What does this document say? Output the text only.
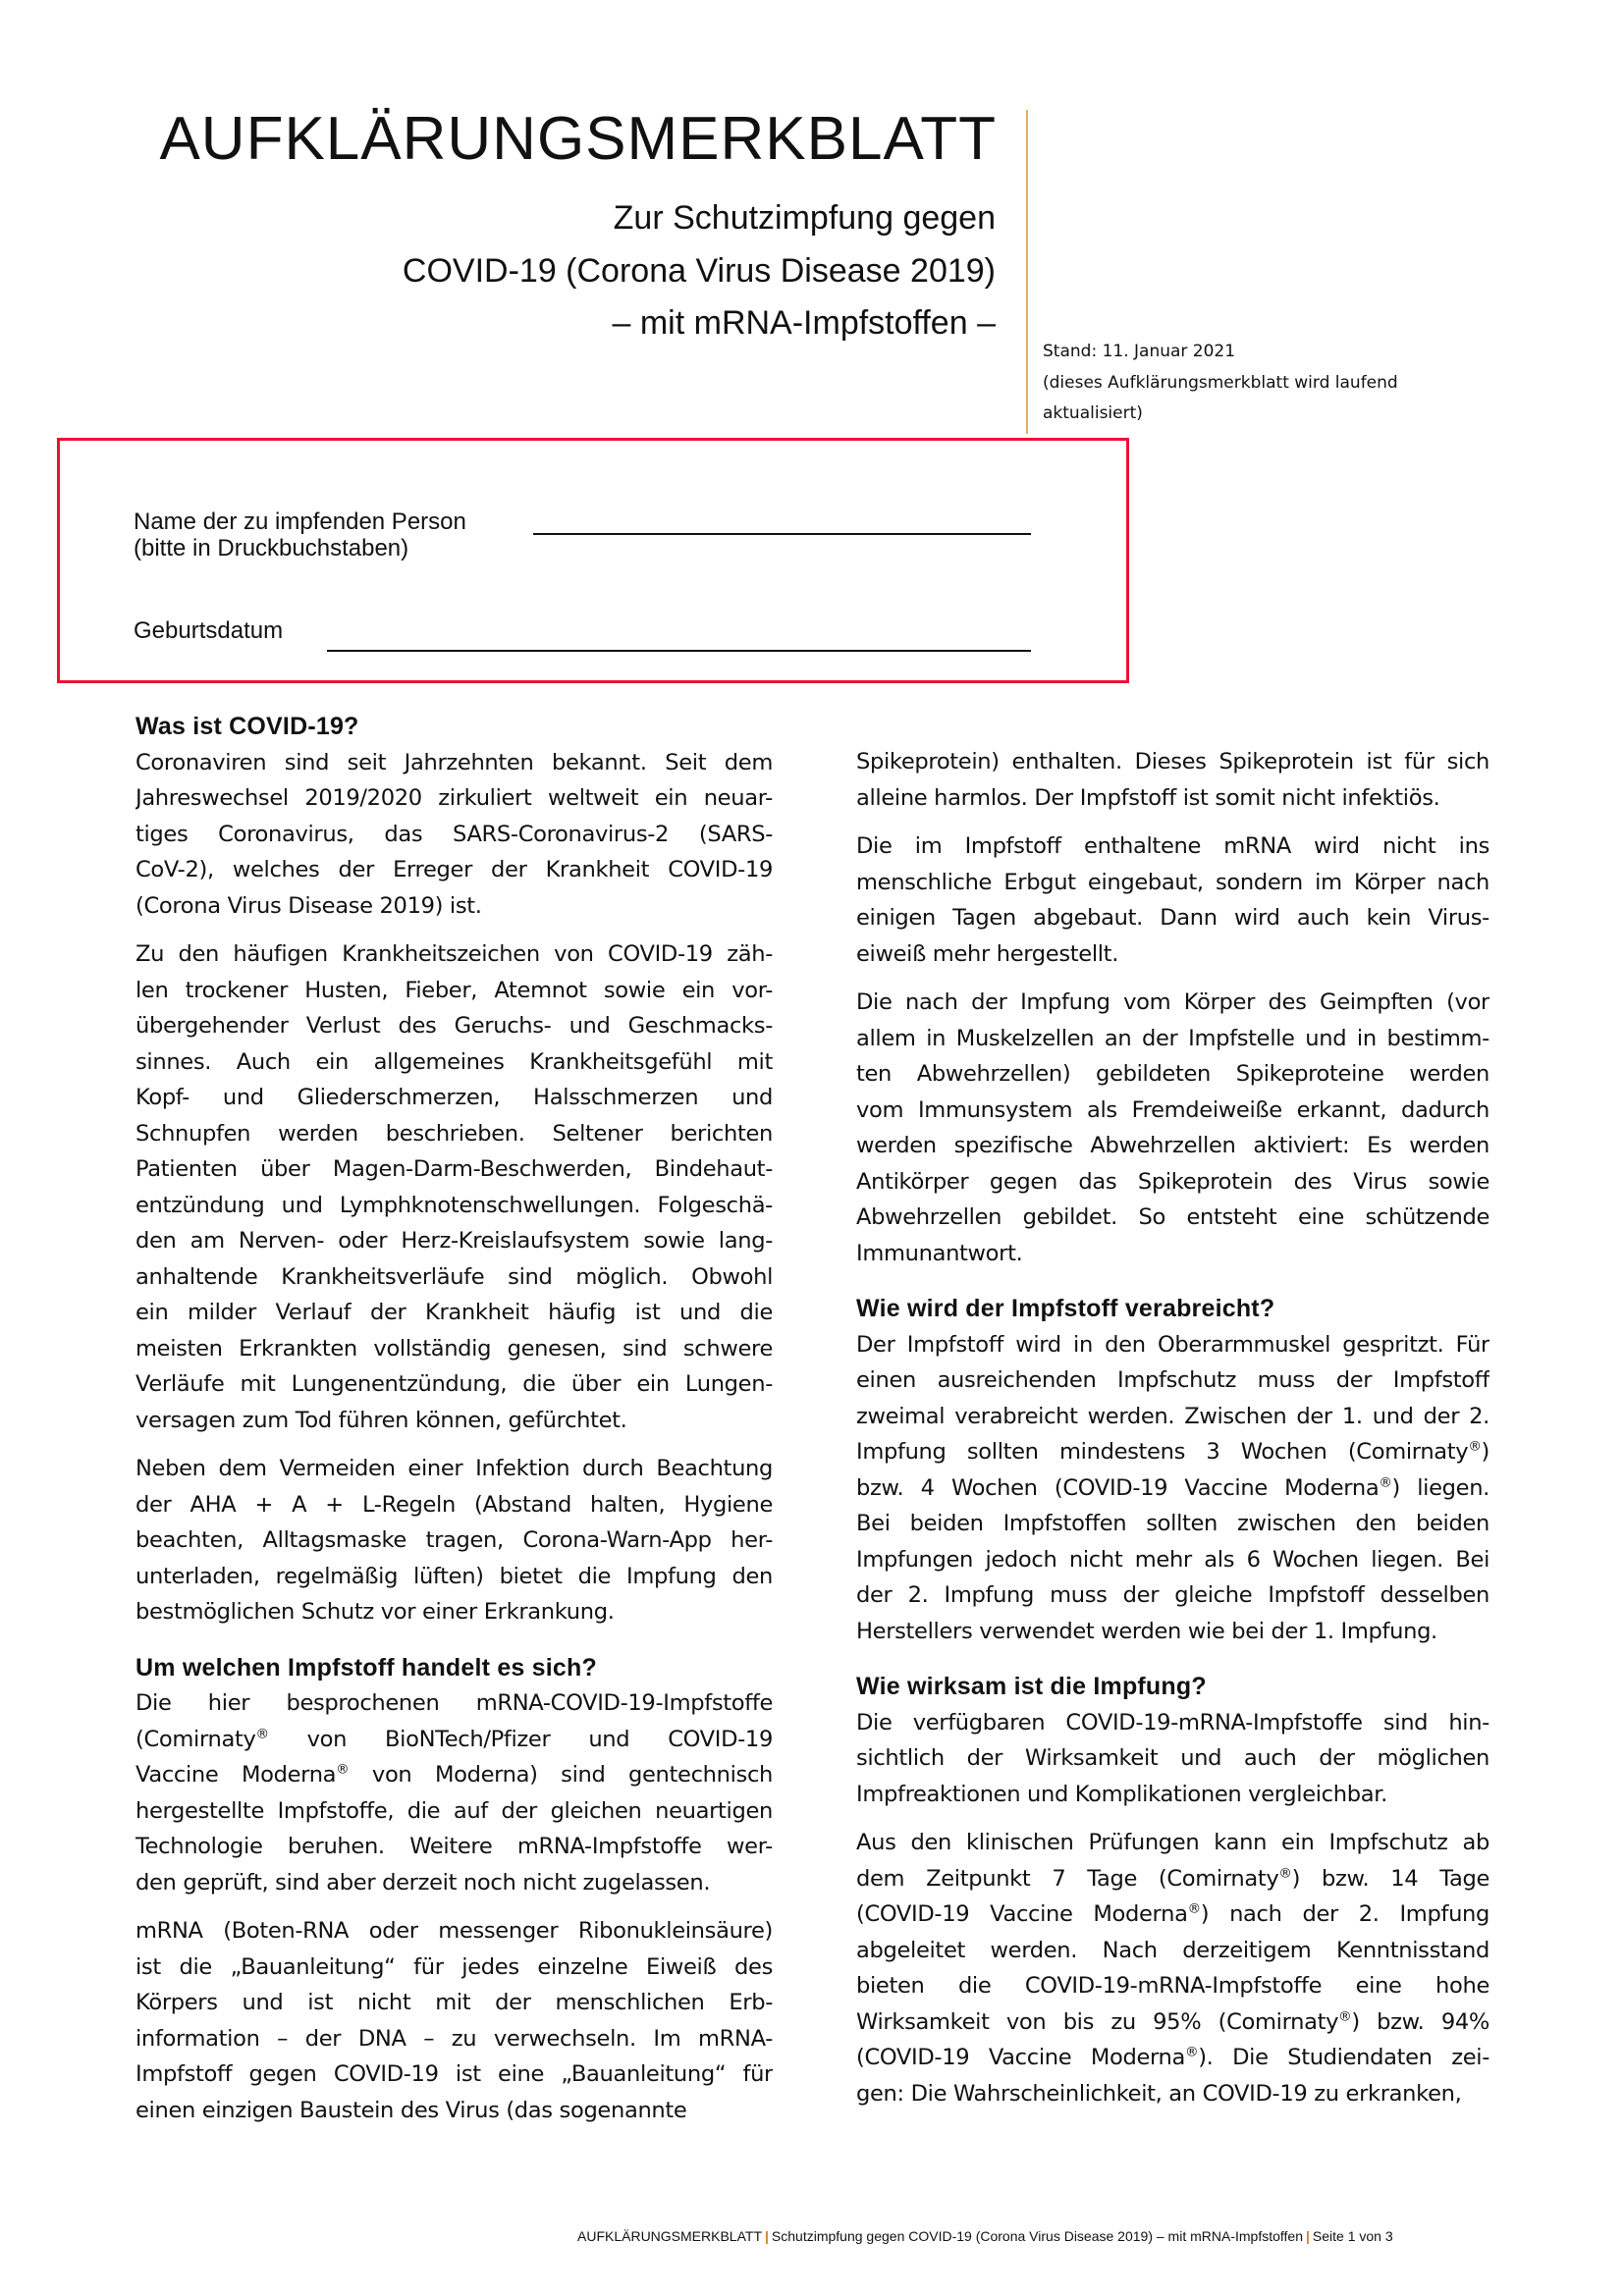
AUFKLÄRUNGSMERKBLATT
Zur Schutzimpfung gegen
COVID-19 (Corona Virus Disease 2019)
– mit mRNA-Impfstoffen –
Stand: 11. Januar 2021
(dieses Aufklärungsmerkblatt wird laufend
aktualisiert)
Name der zu impfenden Person
(bitte in Druckbuchstaben)
Geburtsdatum
Was ist COVID-19?
Coronaviren sind seit Jahrzehnten bekannt. Seit dem
Jahreswechsel 2019/2020 zirkuliert weltweit ein neuar-
tiges Coronavirus, das SARS-Coronavirus-2 (SARS-
CoV-2), welches der Erreger der Krankheit COVID-19
(Corona Virus Disease 2019) ist.
Zu den häufigen Krankheitszeichen von COVID-19 zäh-
len trockener Husten, Fieber, Atemnot sowie ein vor-
übergehender Verlust des Geruchs- und Geschmacks-
sinnes. Auch ein allgemeines Krankheitsgefühl mit
Kopf- und Gliederschmerzen, Halsschmerzen und
Schnupfen werden beschrieben. Seltener berichten
Patienten über Magen-Darm-Beschwerden, Bindehaut-
entzündung und Lymphknotenschwellungen. Folgeschä-
den am Nerven- oder Herz-Kreislaufsystem sowie lang-
anhaltende Krankheitsverläufe sind möglich. Obwohl
ein milder Verlauf der Krankheit häufig ist und die
meisten Erkrankten vollständig genesen, sind schwere
Verläufe mit Lungenentzündung, die über ein Lungen-
versagen zum Tod führen können, gefürchtet.
Neben dem Vermeiden einer Infektion durch Beachtung
der AHA + A + L-Regeln (Abstand halten, Hygiene
beachten, Alltagsmaske tragen, Corona-Warn-App her-
unterladen, regelmäßig lüften) bietet die Impfung den
bestmöglichen Schutz vor einer Erkrankung.
Um welchen Impfstoff handelt es sich?
Die hier besprochenen mRNA-COVID-19-Impfstoffe
(Comirnaty® von BioNTech/Pfizer und COVID-19
Vaccine Moderna® von Moderna) sind gentechnisch
hergestellte Impfstoffe, die auf der gleichen neuartigen
Technologie beruhen. Weitere mRNA-Impfstoffe wer-
den geprüft, sind aber derzeit noch nicht zugelassen.
mRNA (Boten-RNA oder messenger Ribonukleinsäure)
ist die „Bauanleitung“ für jedes einzelne Eiweiß des
Körpers und ist nicht mit der menschlichen Erb-
information – der DNA – zu verwechseln. Im mRNA-
Impfstoff gegen COVID-19 ist eine „Bauanleitung“ für
einen einzigen Baustein des Virus (das sogenannte
Spikeprotein) enthalten. Dieses Spikeprotein ist für sich
alleine harmlos. Der Impfstoff ist somit nicht infektiös.
Die im Impfstoff enthaltene mRNA wird nicht ins
menschliche Erbgut eingebaut, sondern im Körper nach
einigen Tagen abgebaut. Dann wird auch kein Virus-
eiweiß mehr hergestellt.
Die nach der Impfung vom Körper des Geimpften (vor
allem in Muskelzellen an der Impfstelle und in bestimm-
ten Abwehrzellen) gebildeten Spikeproteine werden
vom Immunsystem als Fremdeiweiße erkannt, dadurch
werden spezifische Abwehrzellen aktiviert: Es werden
Antikörper gegen das Spikeprotein des Virus sowie
Abwehrzellen gebildet. So entsteht eine schützende
Immunantwort.
Wie wird der Impfstoff verabreicht?
Der Impfstoff wird in den Oberarmmuskel gespritzt. Für
einen ausreichenden Impfschutz muss der Impfstoff
zweimal verabreicht werden. Zwischen der 1. und der 2.
Impfung sollten mindestens 3 Wochen (Comirnaty®)
bzw. 4 Wochen (COVID-19 Vaccine Moderna®) liegen.
Bei beiden Impfstoffen sollten zwischen den beiden
Impfungen jedoch nicht mehr als 6 Wochen liegen. Bei
der 2. Impfung muss der gleiche Impfstoff desselben
Herstellers verwendet werden wie bei der 1. Impfung.
Wie wirksam ist die Impfung?
Die verfügbaren COVID-19-mRNA-Impfstoffe sind hin-
sichtlich der Wirksamkeit und auch der möglichen
Impfreaktionen und Komplikationen vergleichbar.
Aus den klinischen Prüfungen kann ein Impfschutz ab
dem Zeitpunkt 7 Tage (Comirnaty®) bzw. 14 Tage
(COVID-19 Vaccine Moderna®) nach der 2. Impfung
abgeleitet werden. Nach derzeitigem Kenntnisstand
bieten die COVID-19-mRNA-Impfstoffe eine hohe
Wirksamkeit von bis zu 95% (Comirnaty®) bzw. 94%
(COVID-19 Vaccine Moderna®). Die Studiendaten zei-
gen: Die Wahrscheinlichkeit, an COVID-19 zu erkranken,
AUFKLÄRUNGSMERKBLATT | Schutzimpfung gegen COVID-19 (Corona Virus Disease 2019) – mit mRNA-Impfstoffen | Seite 1 von 3
